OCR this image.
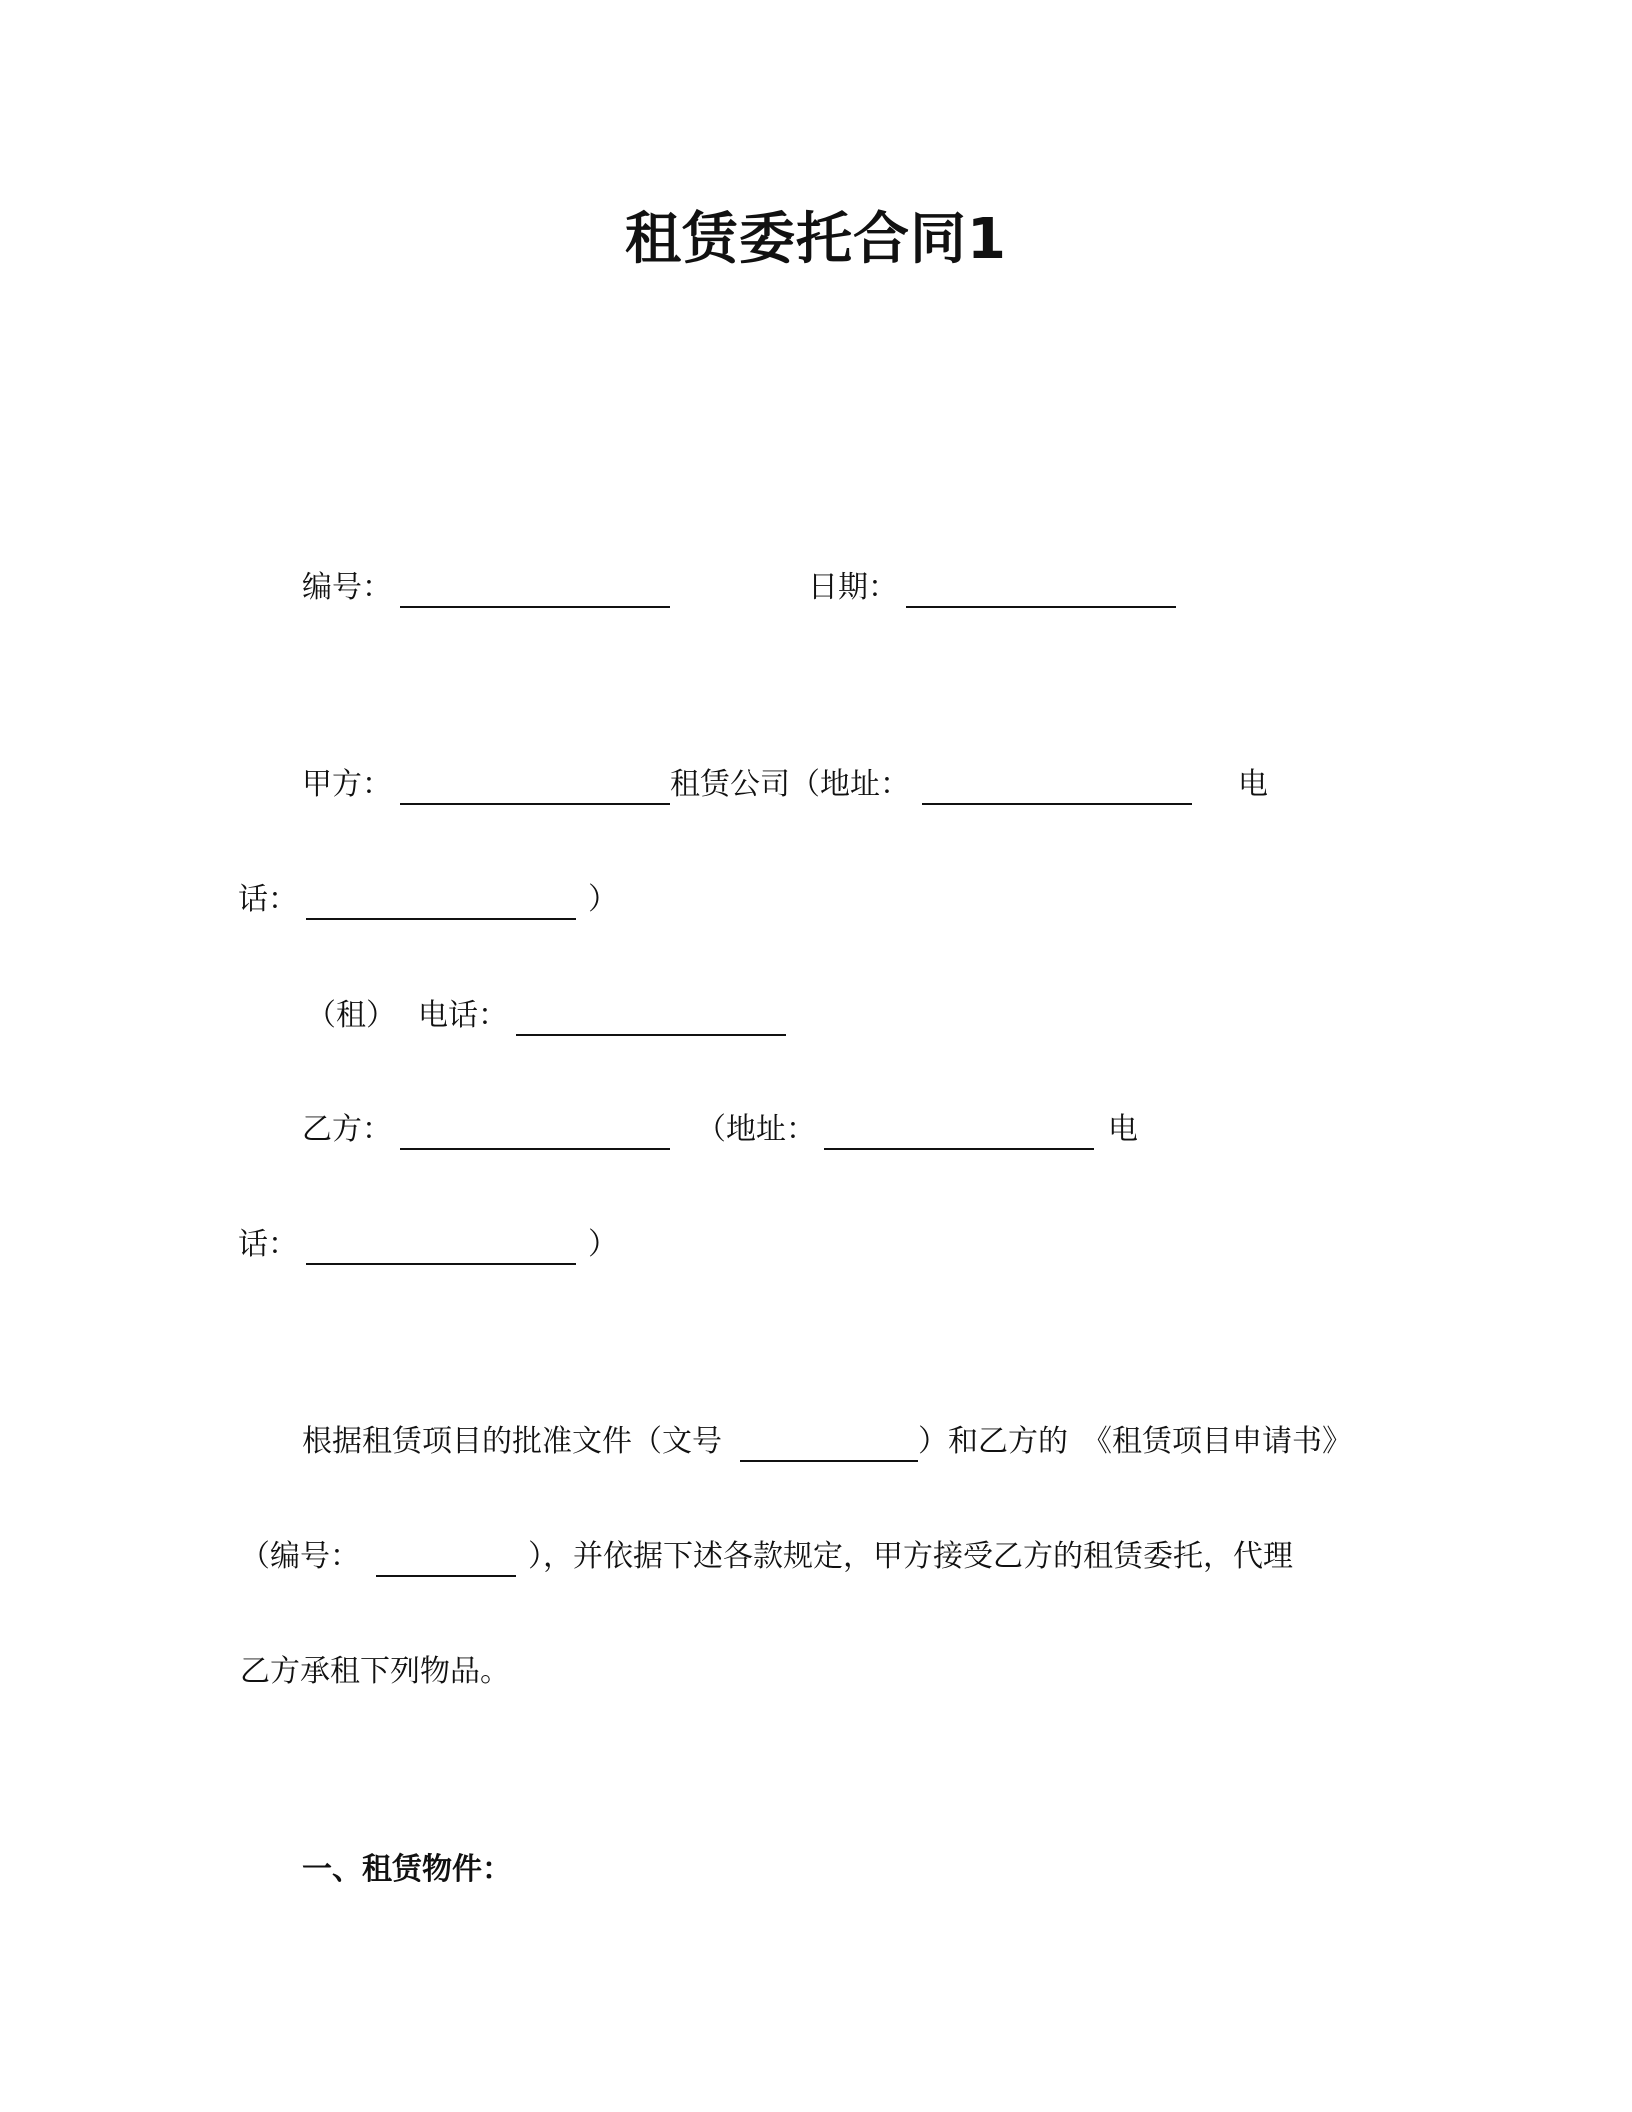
租赁委托合同1
编号：	日期：
甲方：	租赁公司（地址：	电
话：	）
（租） 电话：
乙方：	（地址：	电
话：	）
根据租赁项目的批准文件（文号	）和乙方的 《租赁项目申请书》
（编号：	），并依据下述各款规定，甲方接受乙方的租赁委托，代理
乙方承租下列物品。
一、租赁物件：
